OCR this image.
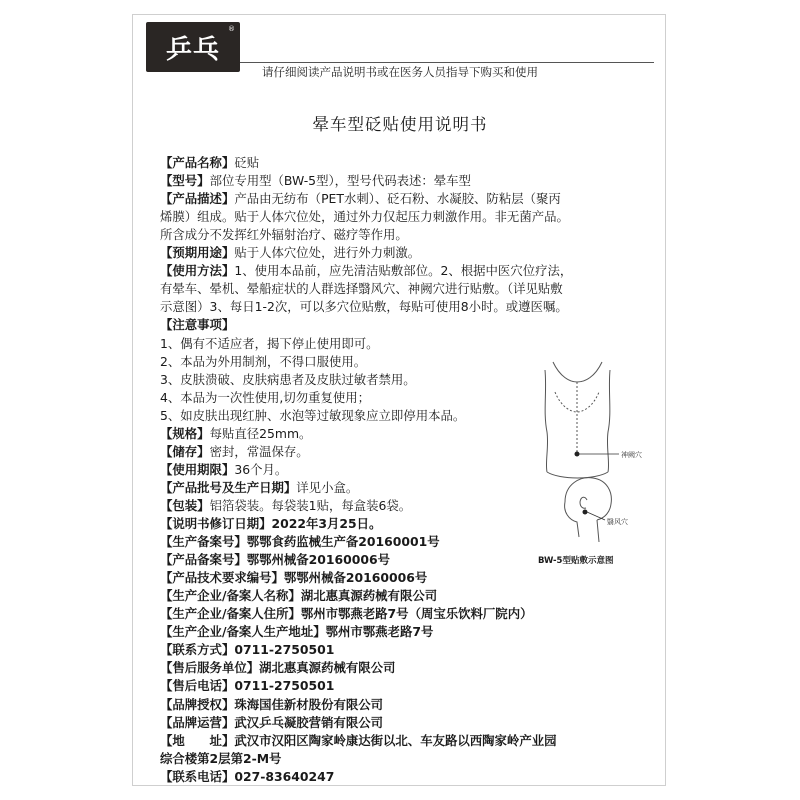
乒乓
®
请仔细阅读产品说明书或在医务人员指导下购买和使用
晕车型砭贴使用说明书
【产品名称】砭贴
【型号】部位专用型（BW-5型），型号代码表述：晕车型
【产品描述】产品由无纺布（PET水刺）、砭石粉、水凝胶、防粘层（聚丙
烯膜）组成。贴于人体穴位处，通过外力仅起压力刺激作用。非无菌产品。
所含成分不发挥红外辐射治疗、磁疗等作用。
【预期用途】贴于人体穴位处，进行外力刺激。
【使用方法】1、使用本品前，应先清洁贴敷部位。2、根据中医穴位疗法，
有晕车、晕机、晕船症状的人群选择翳风穴、神阙穴进行贴敷。（详见贴敷
示意图）3、每日1-2次，可以多穴位贴敷，每贴可使用8小时。或遵医嘱。
【注意事项】
1、偶有不适应者，揭下停止使用即可。
2、本品为外用制剂，不得口服使用。
3、皮肤溃破、皮肤病患者及皮肤过敏者禁用。
4、本品为一次性使用,切勿重复使用；
5、如皮肤出现红肿、水泡等过敏现象应立即停用本品。
【规格】每贴直径25mm。
【储存】密封，常温保存。
【使用期限】36个月。
【产品批号及生产日期】详见小盒。
【包装】铝箔袋装。每袋装1贴，每盒装6袋。
【说明书修订日期】2022年3月25日。
【生产备案号】鄂鄂食药监械生产备20160001号
【产品备案号】鄂鄂州械备20160006号
【产品技术要求编号】鄂鄂州械备20160006号
【生产企业/备案人名称】湖北惠真源药械有限公司
【生产企业/备案人住所】鄂州市鄂燕老路7号（周宝乐饮料厂院内）
【生产企业/备案人生产地址】鄂州市鄂燕老路7号
【联系方式】0711-2750501
【售后服务单位】湖北惠真源药械有限公司
【售后电话】0711-2750501
【品牌授权】珠海国佳新材股份有限公司
【品牌运营】武汉乒乓凝胶营销有限公司
【地　　址】武汉市汉阳区陶家岭康达街以北、车友路以西陶家岭产业园
综合楼第2层第2-M号
【联系电话】027-83640247
神阙穴
翳风穴
BW-5型贴敷示意图
